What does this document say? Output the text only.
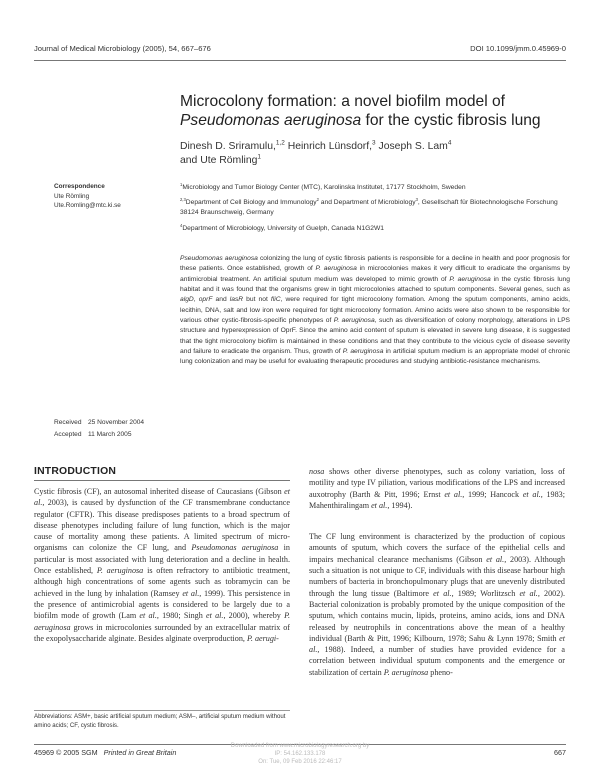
Journal of Medical Microbiology (2005), 54, 667–676	DOI 10.1099/jmm.0.45969-0
Microcolony formation: a novel biofilm model of
Pseudomonas aeruginosa for the cystic fibrosis lung
Dinesh D. Sriramulu,$^{1,2}$ Heinrich Lünsdorf,$^3$ Joseph S. Lam$^4$
and Ute Römling$^1$
Correspondence
Ute Römling
Ute.Romling@mtc.ki.se
$^1$Microbiology and Tumor Biology Center (MTC), Karolinska Institutet, 17177 Stockholm, Sweden
$^{2,3}$Department of Cell Biology and Immunology$^2$ and Department of Microbiology$^3$, Gesellschaft für Biotechnologische Forschung 38124 Braunschweig, Germany
$^4$Department of Microbiology, University of Guelph, Canada N1G2W1
Pseudomonas aeruginosa colonizing the lung of cystic fibrosis patients is responsible for a decline in health and poor prognosis for these patients. Once established, growth of P. aeruginosa in microcolonies makes it very difficult to eradicate the organisms by antimicrobial treatment. An artificial sputum medium was developed to mimic growth of P. aeruginosa in the cystic fibrosis lung habitat and it was found that the organisms grew in tight microcolonies attached to sputum components. Several genes, such as algD, oprF and lasR but not fliC, were required for tight microcolony formation. Among the sputum components, amino acids, lecithin, DNA, salt and low iron were required for tight microcolony formation. Amino acids were also shown to be responsible for various other cystic-fibrosis-specific phenotypes of P. aeruginosa, such as diversification of colony morphology, alterations in LPS structure and hyperexpression of OprF. Since the amino acid content of sputum is elevated in severe lung disease, it is suggested that the tight microcolony biofilm is maintained in these conditions and that they contribute to the vicious cycle of disease severity and failure to eradicate the organism. Thus, growth of P. aeruginosa in artificial sputum medium is an appropriate model of chronic lung colonization and may be useful for evaluating therapeutic procedures and studying antibiotic-resistance mechanisms.
Received 25 November 2004
Accepted 11 March 2005
INTRODUCTION

Cystic fibrosis (CF), an autosomal inherited disease of Caucasians (Gibson et al., 2003), is caused by dysfunction of the CF transmembrane conductance regulator (CFTR). This disease predisposes patients to a broad spectrum of disease phenotypes including failure of lung function, which is the major cause of mortality among these patients. A limited spectrum of micro-organisms can colonize the CF lung, and Pseudomonas aeruginosa in particular is most associated with lung deterioration and a decline in health. Once established, P. aeruginosa is often refractory to antibiotic treatment, although high concentrations of some agents such as tobramycin can be achieved in the lung by inhalation (Ramsey et al., 1999). This persistence in the presence of antimicrobial agents is considered to be largely due to a biofilm mode of growth (Lam et al., 1980; Singh et al., 2000), whereby P. aeruginosa grows in microcolonies surrounded by an extracellular matrix of the exopolysaccharide alginate. Besides alginate overproduction, P. aerugi-

nosa shows other diverse phenotypes, such as colony variation, loss of motility and type IV piliation, various modifications of the LPS and increased auxotrophy (Barth & Pitt, 1996; Ernst et al., 1999; Hancock et al., 1983; Mahenthiralingam et al., 1994).

The CF lung environment is characterized by the production of copious amounts of sputum, which covers the surface of the epithelial cells and impairs mechanical clearance mechanisms (Gibson et al., 2003). Although such a situation is not unique to CF, individuals with this disease harbour high numbers of bacteria in bronchopulmonary plugs that are unevenly distributed through the lung tissue (Baltimore et al., 1989; Worlitzsch et al., 2002). Bacterial colonization is probably promoted by the unique composition of the sputum, which contains mucin, lipids, proteins, amino acids, ions and DNA released by neutrophils in concentrations above the mean of a healthy individual (Barth & Pitt, 1996; Kilbourn, 1978; Sahu & Lynn 1978; Smith et al., 1988). Indeed, a number of studies have provided evidence for a correlation between individual sputum components and the emergence or stabilization of certain P. aeruginosa pheno-

Abbreviations: ASM+, basic artificial sputum medium; ASM–, artificial sputum medium without amino acids; CF, cystic fibrosis.
45969 © 2005 SGM Printed in Great Britain	667
Downloaded from www.microbiologyresearch.org by
IP: 54.162.133.178
On: Tue, 09 Feb 2016 22:46:17
